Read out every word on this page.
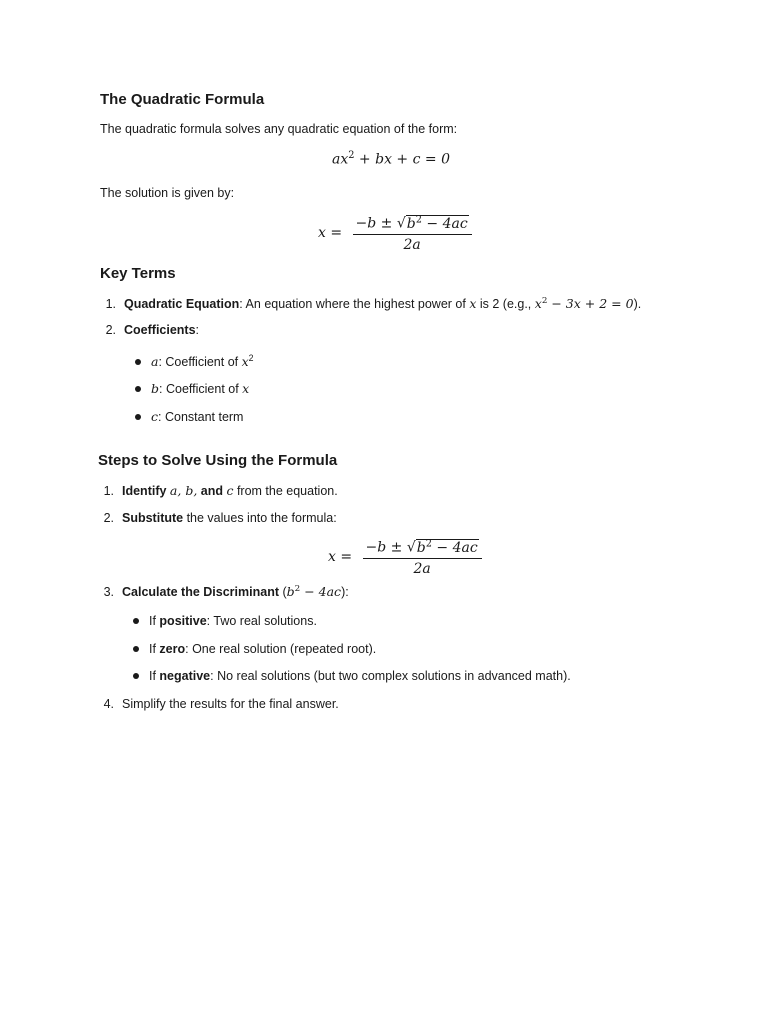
The Quadratic Formula

The quadratic formula solves any quadratic equation of the form:

$ax^2$ + bx + c = 0

The solution is given by:

$x = \frac{-b \pm √b^2 - 4ac}{2a}$
Key Terms
1. Quadratic Equation: An equation where the highest power of x is 2 (e.g., $x^2 - 3x + 2 = 0$).
2. Coefficients:
a: Coefficient of $x^2$
b: Coefficient of x
c: Constant term
Steps to Solve Using the Formula
1. Identify a, b, and c from the equation.
2. Substitute the values into the formula:
$x = \frac{-b \pm √b^2 - 4ac}{2a}$
3. Calculate the Discriminant $(b^2 - 4ac)$:
If positive: Two real solutions.
If zero: One real solution (repeated root).
If negative: No real solutions (but two complex solutions in advanced math).
4. Simplify the results for the final answer.
